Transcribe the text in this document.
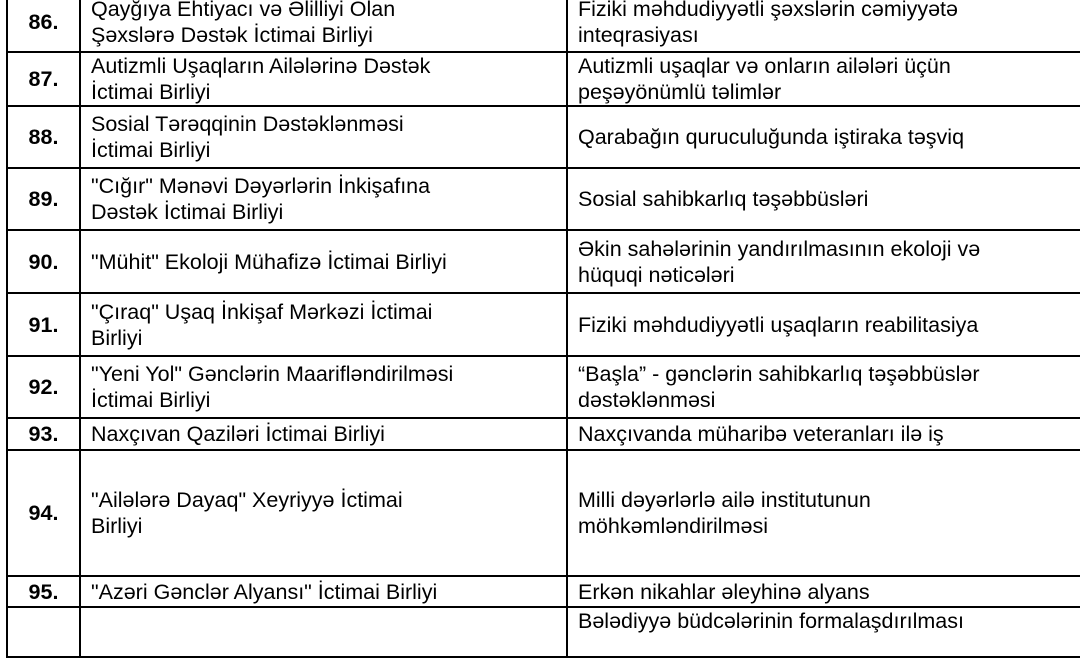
86.	Qayğıya Ehtiyacı və Əlilliyi Olan
Şəxslərə Dəstək İctimai Birliyi	Fiziki məhdudiyyətli şəxslərin cəmiyyətə
inteqrasiyası

87.	Autizmli Uşaqların Ailələrinə Dəstək
İctimai Birliyi	Autizmli uşaqlar və onların ailələri üçün
peşəyönümlü təlimlər

88.	Sosial Tərəqqinin Dəstəklənməsi
İctimai Birliyi	Qarabağın quruculuğunda iştiraka təşviq

89.	"Cığır" Mənəvi Dəyərlərin İnkişafına
Dəstək İctimai Birliyi	Sosial sahibkarlıq təşəbbüsləri

90.	"Mühit" Ekoloji Mühafizə İctimai Birliyi	Əkin sahələrinin yandırılmasının ekoloji və
hüquqi nəticələri

91.	"Çıraq" Uşaq İnkişaf Mərkəzi İctimai
Birliyi	Fiziki məhdudiyyətli uşaqların reabilitasiya

92.	"Yeni Yol" Gənclərin Maarifləndirilməsi
İctimai Birliyi	“Başla” - gənclərin sahibkarlıq təşəbbüslər
dəstəklənməsi

93.	Naxçıvan Qaziləri İctimai Birliyi	Naxçıvanda müharibə veteranları ilə iş

94.	"Ailələrə Dayaq" Xeyriyyə İctimai
Birliyi	Milli dəyərlərlə ailə institutunun
möhkəmləndirilməsi

95.	"Azəri Gənclər Alyansı" İctimai Birliyi	Erkən nikahlar əleyhinə alyans

		Bələdiyyə büdcələrinin formalaşdırılması
